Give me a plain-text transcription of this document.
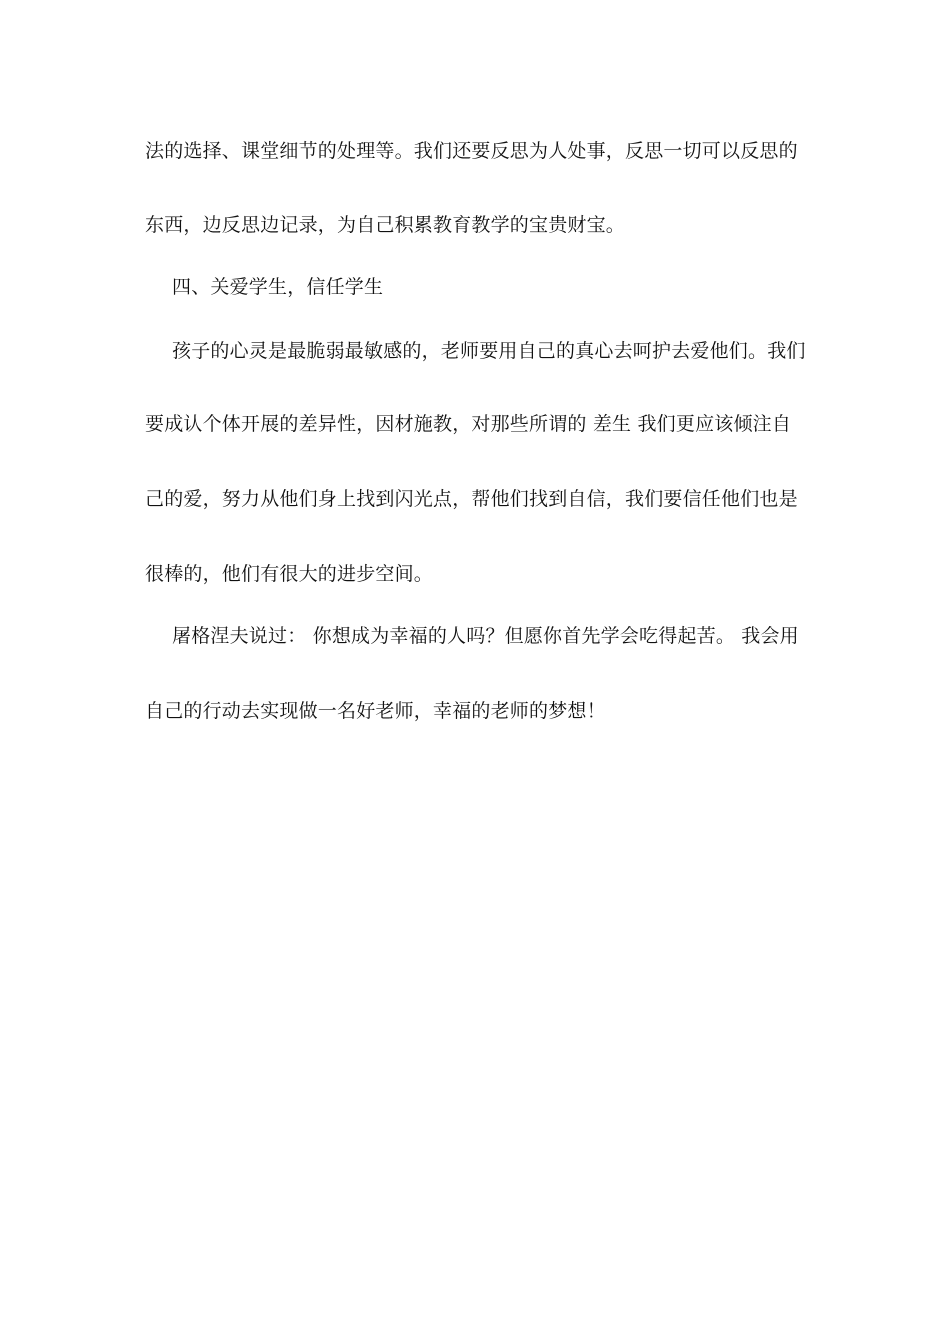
法的选择、课堂细节的处理等。我们还要反思为人处事，反思一切可以反思的
东西，边反思边记录，为自己积累教育教学的宝贵财宝。
四、关爱学生，信任学生
孩子的心灵是最脆弱最敏感的，老师要用自己的真心去呵护去爱他们。我们
要成认个体开展的差异性，因材施教，对那些所谓的 差生 我们更应该倾注自
己的爱，努力从他们身上找到闪光点，帮他们找到自信，我们要信任他们也是
很棒的，他们有很大的进步空间。
屠格涅夫说过： 你想成为幸福的人吗？但愿你首先学会吃得起苦。 我会用
自己的行动去实现做一名好老师，幸福的老师的梦想！
